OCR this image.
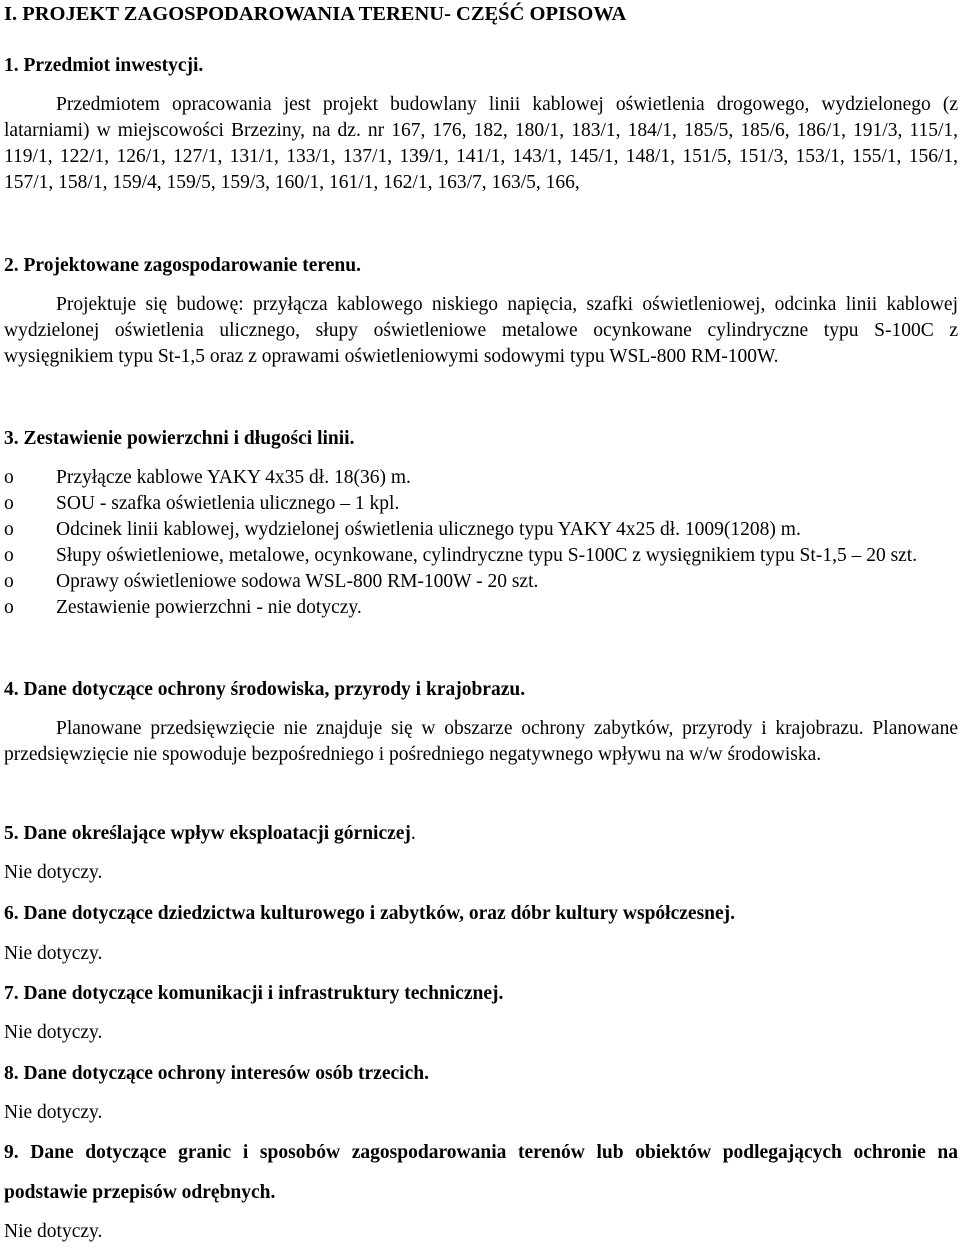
I. PROJEKT ZAGOSPODAROWANIA TERENU- CZĘŚĆ OPISOWA
1. Przedmiot inwestycji.

Przedmiotem opracowania jest projekt budowlany linii kablowej oświetlenia drogowego, wydzielonego (z latarniami) w miejscowości Brzeziny, na dz. nr 167, 176, 182, 180/1, 183/1, 184/1, 185/5, 185/6, 186/1, 191/3, 115/1, 119/1, 122/1, 126/1, 127/1, 131/1, 133/1, 137/1, 139/1, 141/1, 143/1, 145/1, 148/1, 151/5, 151/3, 153/1, 155/1, 156/1, 157/1, 158/1, 159/4, 159/5, 159/3, 160/1, 161/1, 162/1, 163/7, 163/5, 166,

2. Projektowane zagospodarowanie terenu.

Projektuje się budowę: przyłącza kablowego niskiego napięcia, szafki oświetleniowej, odcinka linii kablowej wydzielonej oświetlenia ulicznego, słupy oświetleniowe metalowe ocynkowane cylindryczne typu S-100C z wysięgnikiem typu St-1,5 oraz z oprawami oświetleniowymi sodowymi typu WSL-800 RM-100W.

3. Zestawienie powierzchni i długości linii.
o Przyłącze kablowe YAKY 4x35 dł. 18(36) m.
o SOU - szafka oświetlenia ulicznego – 1 kpl.
o Odcinek linii kablowej, wydzielonej oświetlenia ulicznego typu YAKY 4x25 dł. 1009(1208) m.
o Słupy oświetleniowe, metalowe, ocynkowane, cylindryczne typu S-100C z wysięgnikiem typu St-1,5 – 20 szt.
o Oprawy oświetleniowe sodowa WSL-800 RM-100W - 20 szt.
o Zestawienie powierzchni - nie dotyczy.
4. Dane dotyczące ochrony środowiska, przyrody i krajobrazu.

Planowane przedsięwzięcie nie znajduje się w obszarze ochrony zabytków, przyrody i krajobrazu. Planowane przedsięwzięcie nie spowoduje bezpośredniego i pośredniego negatywnego wpływu na w/w środowiska.

5. Dane określające wpływ eksploatacji górniczej.
Nie dotyczy.
6. Dane dotyczące dziedzictwa kulturowego i zabytków, oraz dóbr kultury współczesnej.
Nie dotyczy.
7. Dane dotyczące komunikacji i infrastruktury technicznej.
Nie dotyczy.
8. Dane dotyczące ochrony interesów osób trzecich.
Nie dotyczy.

9. Dane dotyczące granic i sposobów zagospodarowania terenów lub obiektów podlegających ochronie na podstawie przepisów odrębnych.

Nie dotyczy.
